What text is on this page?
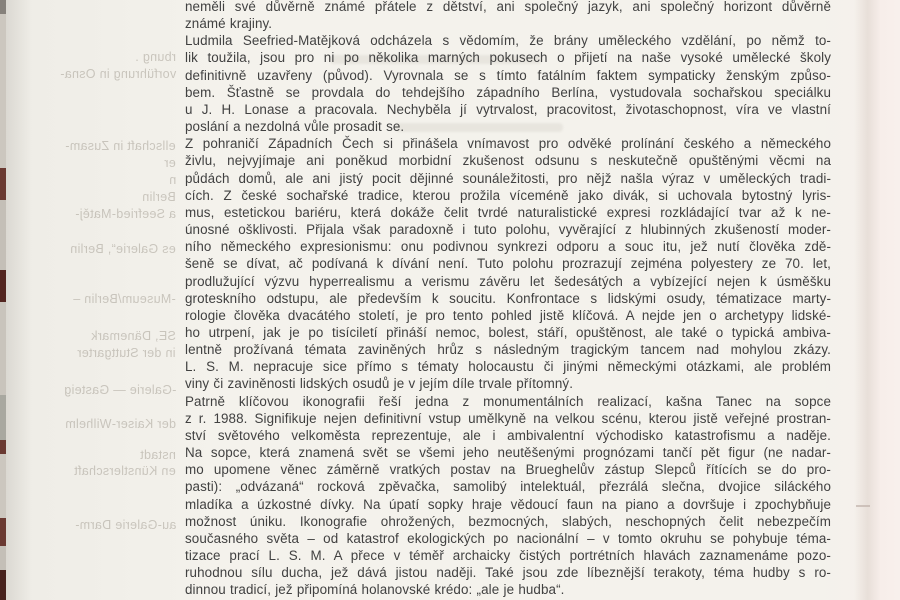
rbung .
vorführung in Osna-
ellschaft in Zusam-
er
n
Berlin
a Seefried-Matěj-
es Galerie“, Berlin
-Museum/Berlin –
SE, Dänemark
in der Stuttgarter
-Galerie — Gasteig
der Kaiser-Wilhelm
nstadt
en Künstlerschaft
au-Galerie Darm-
neměli své důvěrně známé přátele z dětství, ani společný jazyk, ani společný horizont důvěrně
známé krajiny.
Ludmila Seefried-Matějková odcházela s vědomím, že brány uměleckého vzdělání, po němž to-
lik toužila, jsou pro ni po několika marných pokusech o přijetí na naše vysoké umělecké školy
definitivně uzavřeny (původ). Vyrovnala se s tímto fatálním faktem sympaticky ženským způso-
bem. Šťastně se provdala do tehdejšího západního Berlína, vystudovala sochařskou speciálku
u J. H. Lonase a pracovala. Nechyběla jí vytrvalost, pracovitost, životaschopnost, víra ve vlastní
poslání a nezdolná vůle prosadit se.
Z pohraničí Západních Čech si přinášela vnímavost pro odvěké prolínání českého a německého
živlu, nejvyjímaje ani poněkud morbidní zkušenost odsunu s neskutečně opuštěnými věcmi na
půdách domů, ale ani jistý pocit dějinné sounáležitosti, pro nějž našla výraz v uměleckých tradi-
cích. Z české sochařské tradice, kterou prožila víceméně jako divák, si uchovala bytostný lyris-
mus, estetickou bariéru, která dokáže čelit tvrdé naturalistické expresi rozkládající tvar až k ne-
únosné ošklivosti. Přijala však paradoxně i tuto polohu, vyvěrající z hlubinných zkušeností moder-
ního německého expresionismu: onu podivnou synkrezi odporu a souc itu, jež nutí člověka zdě-
šeně se dívat, ač podívaná k dívání není. Tuto polohu prozrazují zejména polyestery ze 70. let,
prodlužující výzvu hyperrealismu a verismu závěru let šedesátých a vybízející nejen k úsměšku
groteskního odstupu, ale především k soucitu. Konfrontace s lidskými osudy, tématizace marty-
rologie člověka dvacátého století, je pro tento pohled jistě klíčová. A nejde jen o archetypy lidské-
ho utrpení, jak je po tisíciletí přináší nemoc, bolest, stáří, opuštěnost, ale také o typická ambiva-
lentně prožívaná témata zaviněných hrůz s následným tragickým tancem nad mohylou zkázy.
L. S. M. nepracuje sice přímo s tématy holocaustu či jinými německými otázkami, ale problém
viny či zaviněnosti lidských osudů je v jejím díle trvale přítomný.
Patrně klíčovou ikonografii řeší jedna z monumentálních realizací, kašna Tanec na sopce
z r. 1988. Signifikuje nejen definitivní vstup umělkyně na velkou scénu, kterou jistě veřejné prostran-
ství světového velkoměsta reprezentuje, ale i ambivalentní východisko katastrofismu a naděje.
Na sopce, která znamená svět se všemi jeho neutěšenými prognózami tančí pět figur (ne nadar-
mo upomene věnec záměrně vratkých postav na Brueghelův zástup Slepců řítících se do pro-
pasti): „odvázaná“ rocková zpěvačka, samolibý intelektuál, přezrálá slečna, dvojice siláckého
mladíka a úzkostné dívky. Na úpatí sopky hraje vědoucí faun na piano a dovršuje i zpochybňuje
možnost úniku. Ikonografie ohrožených, bezmocných, slabých, neschopných čelit nebezpečím
současného světa – od katastrof ekologických po nacionální – v tomto okruhu se pohybuje téma-
tizace prací L. S. M. A přece v téměř archaicky čistých portrétních hlavách zaznamenáme pozo-
ruhodnou sílu ducha, jež dává jistou naději. Také jsou zde líbeznější terakoty, téma hudby s ro-
dinnou tradicí, jež připomíná holanovské krédo: „ale je hudba“.
